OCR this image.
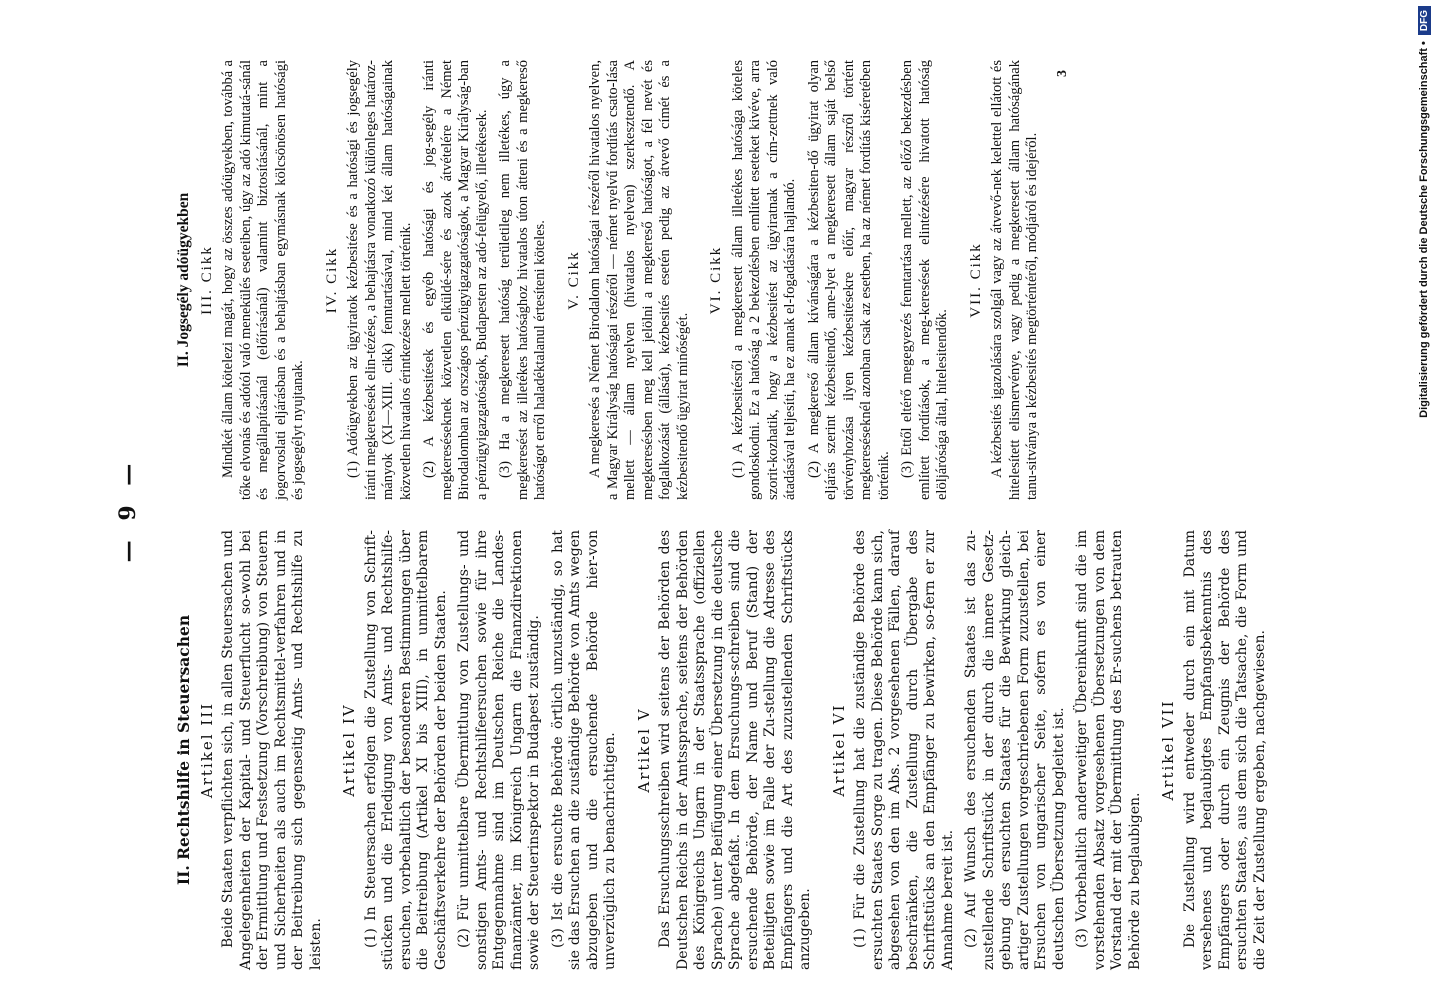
— 9 —
II. Rechtshilfe in Steuersachen Artikel III Beide Staaten verpflichten sich, in allen Steuersachen und Angelegenheiten der Kapital- und Steuerflucht so-wohl bei der Ermittlung und Festsetzung (Vorschreibung) von Steuern und Sicherheiten als auch im Rechtsmittel-verfahren und in der Beitreibung sich gegenseitig Amts- und Rechtshilfe zu leisten.

Artikel IV (1) In Steuersachen erfolgen die Zustellung von Schrift-stücken und die Erledigung von Amts- und Rechtshilfe-ersuchen, vorbehaltlich der besonderen Bestimmungen über die Beitreibung (Artikel XI bis XIII), in unmittelbarem Geschäftsverkehre der Behörden der beiden Staaten. (2) Für unmittelbare Übermittlung von Zustellungs- und sonstigen Amts- und Rechtshilfeersuchen sowie für ihre Entgegennahme sind im Deutschen Reiche die Landes-finanzämter, im Königreich Ungarn die Finanzdirektionen sowie der Steuerinspektor in Budapest zuständig. (3) Ist die ersuchte Behörde örtlich unzuständig, so hat sie das Ersuchen an die zuständige Behörde von Amts wegen abzugeben und die ersuchende Behörde hier-von unverzüglich zu benachrichtigen. Artikel V Das Ersuchungsschreiben wird seitens der Behörden des Deutschen Reichs in der Amtssprache, seitens der Behörden des Königreichs Ungarn in der Staatssprache (offiziellen Sprache) unter Beifügung einer Übersetzung in die deutsche Sprache abgefaßt. In dem Ersuchungs-schreiben sind die ersuchende Behörde, der Name und Beruf (Stand) der Beteiligten sowie im Falle der Zu-stellung die Adresse des Empfängers und die Art des zuzustellenden Schriftstücks anzugeben.

Artikel VI (1) Für die Zustellung hat die zuständige Behörde des ersuchten Staates Sorge zu tragen. Diese Behörde kann sich, abgesehen von den im Abs. 2 vorgesehenen Fällen, darauf beschränken, die Zustellung durch Übergabe des Schriftstücks an den Empfänger zu bewirken, so-fern er zur Annahme bereit ist. (2) Auf Wunsch des ersuchenden Staates ist das zu-zustellende Schriftstück in der durch die innere Gesetz-gebung des ersuchten Staates für die Bewirkung gleich-artiger Zustellungen vorgeschriebenen Form zuzustellen, bei Ersuchen von ungarischer Seite, sofern es von einer deutschen Übersetzung begleitet ist. (3) Vorbehaltlich anderweitiger Übereinkunft sind die im vorstehenden Absatz vorgesehenen Übersetzungen von dem Vorstand der mit der Übermittlung des Er-suchens betrauten Behörde zu beglaubigen.

Artikel VII Die Zustellung wird entweder durch ein mit Datum versehenes und beglaubigtes Empfangsbekenntnis des Empfängers oder durch ein Zeugnis der Behörde des ersuchten Staates, aus dem sich die Tatsache, die Form und die Zeit der Zustellung ergeben, nachgewiesen.

II. Jogsegély adóügyekben III. Cikk Mindkét állam kötelezi magát, hogy az összes adóügyekben, továbbá a tőke elvonás és adótól való menekülés eseteiben, úgy az adó kimutatá-sánál és megállapításánál (előírásánál) valamint biztosításánál, mint a jogorvoslati eljárásban és a behajtásban egymásnak kölcsönösen hatósági és jogsegélyt nyujtanak.

IV. Cikk (1) Adóügyekben az ügyiratok kézbesitése és a hatósági és jogsegély iránti megkeresések elin-tézése, a behajtásra vonatkozó különleges határoz-mányok (XI—XIII. cikk) fenntartásával, mind két állam hatóságainak közvetlen hivatalos érintkezése mellett történik. (2) A kézbesitések és egyéb hatósági és jog-segély iránti megkereséseknek közvetlen elküldé-sére és azok átvételére a Német Birodalomban az országos pénzügyigazgatóságok, a Magyar Királyság-ban a pénzügyigazgatóságok, Budapesten az adó-felügyelő, illetékesek. (3) Ha a megkeresett hatóság területileg nem illetékes, úgy a megkeresést az illetékes hatósághoz hivatalos úton átteni és a megkereső hatóságot erről haladéktalanul értesíteni köteles. V. Cikk A megkeresés a Német Birodalom hatóságai részéről hivatalos nyelven, a Magyar Királyság hatóságai részéről — német nyelvű fordítás csato-lása mellett — állam nyelven (hivatalos nyelven) szerkesztendő. A megkeresésben meg kell jelölni a megkereső hatóságot, a fél nevét és foglalkozását (állását), kézbesités esetén pedig az átvevő címét és a kézbesitendő ügyirat minőségét.

VI. Cikk (1) A kézbesitésről a megkeresett állam illetékes hatósága köteles gondoskodni. Ez a hatóság a 2 bekezdésben említett eseteket kivéve, arra szorit-kozhatik, hogy a kézbesitést az ügyiratnak a cím-zettnek való átadásával teljesíti, ha ez annak el-fogadására hajlandó. (2) A megkereső állam kívánságára a kézbesiten-dő ügyirat olyan eljárás szerint kézbesitendő, ame-lyet a megkeresett állam saját belső törvényhozása ilyen kézbesitésekre előír, magyar részről történt megkereséseknél azonban csak az esetben, ha az német fordítás kiséretében történik. (3) Ettől eltérő megegyezés fenntartása mellett, az előző bekezdésben említett fordítások, a meg-keresések elintézésére hivatott hatóság elöljárósága által, hitelesitendők.

VII. Cikk A kézbesités igazolására szolgál vagy az átvevő-nek kelettel ellátott és hitelesített elismervénye, vagy pedig a megkeresett állam hatóságának tanu-sitványa a kézbesités megtörténtéről, módjáról és idejéről.

3	Digitalisierung gefördert durch die Deutsche Forschungsgemeinschaft •
DFG
